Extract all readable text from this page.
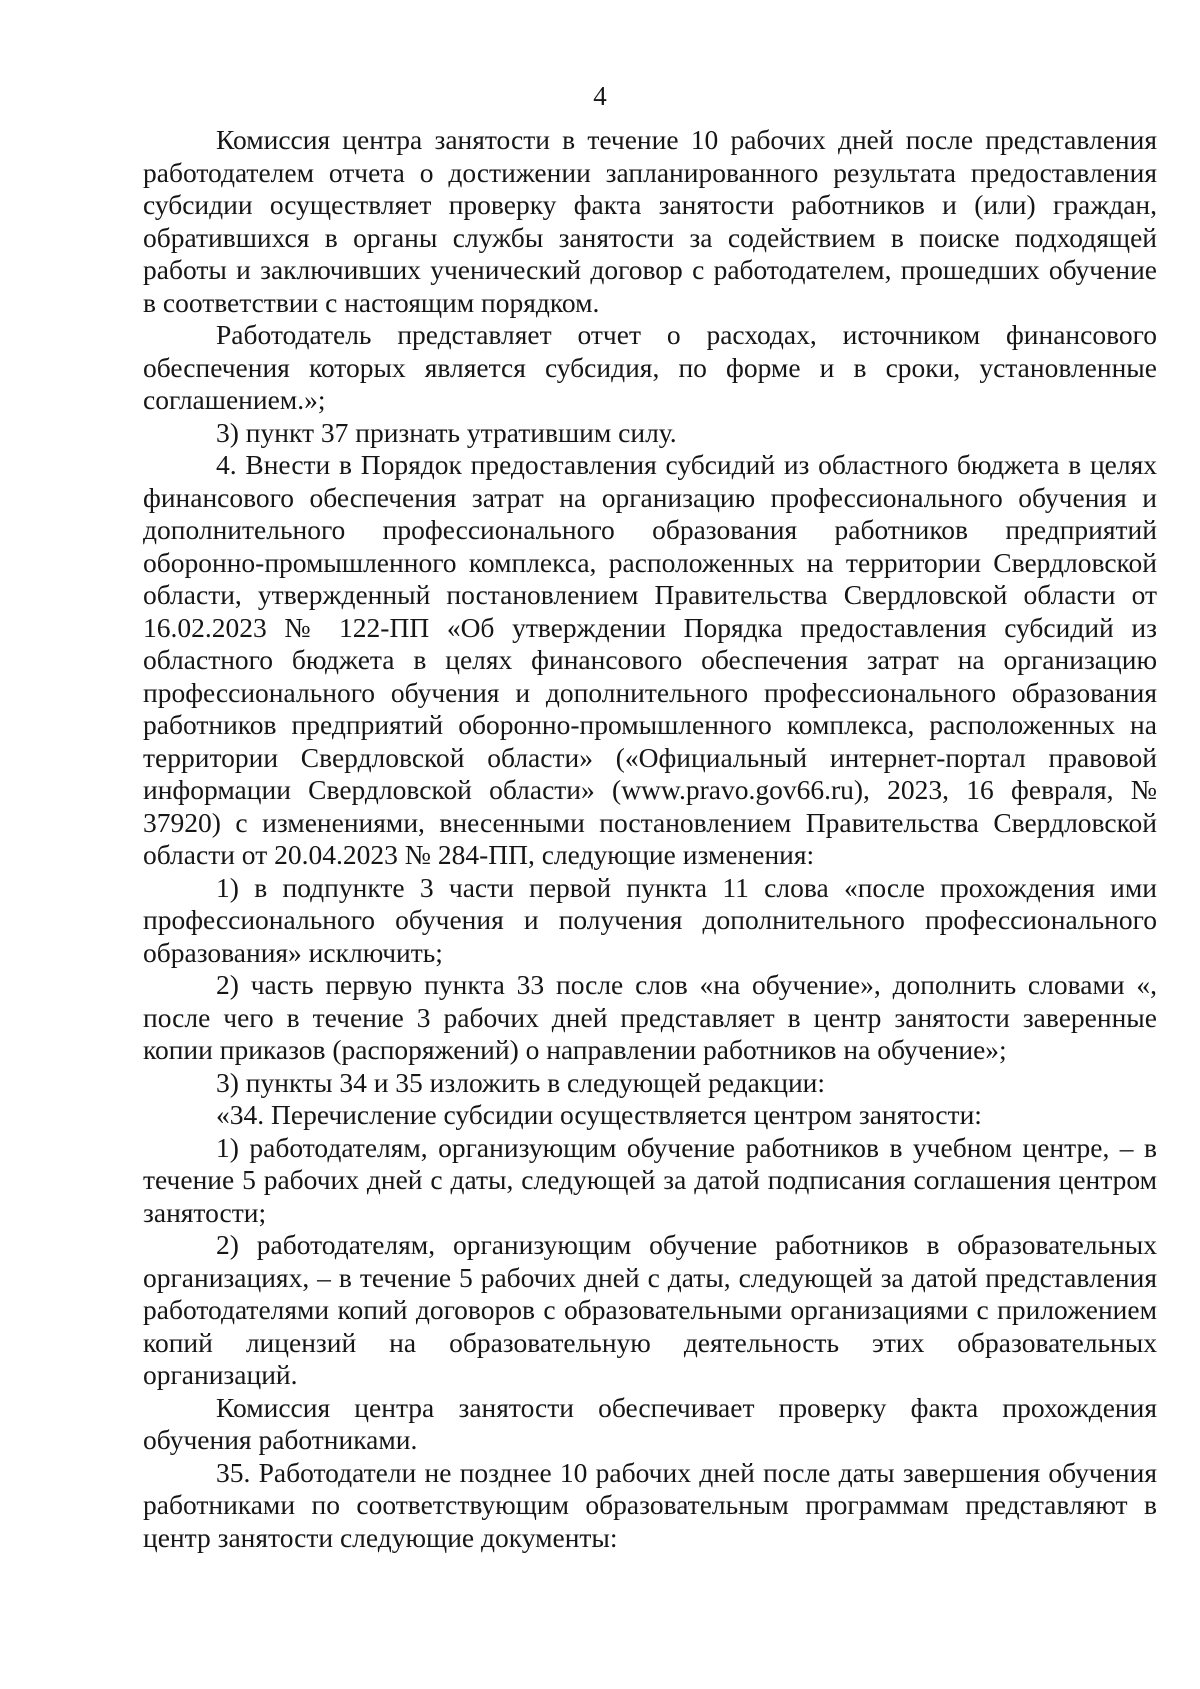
4

Комиссия центра занятости в течение 10 рабочих дней после представления работодателем отчета о достижении запланированного результата предоставления субсидии осуществляет проверку факта занятости работников и (или) граждан, обратившихся в органы службы занятости за содействием в поиске подходящей работы и заключивших ученический договор с работодателем, прошедших обучение в соответствии с настоящим порядком.

Работодатель представляет отчет о расходах, источником финансового обеспечения которых является субсидия, по форме и в сроки, установленные соглашением.»;

3) пункт 37 признать утратившим силу.

4. Внести в Порядок предоставления субсидий из областного бюджета в целях финансового обеспечения затрат на организацию профессионального обучения и дополнительного профессионального образования работников предприятий оборонно-промышленного комплекса, расположенных на территории Свердловской области, утвержденный постановлением Правительства Свердловской области от 16.02.2023 № 122-ПП «Об утверждении Порядка предоставления субсидий из областного бюджета в целях финансового обеспечения затрат на организацию профессионального обучения и дополнительного профессионального образования работников предприятий оборонно-промышленного комплекса, расположенных на территории Свердловской области» («Официальный интернет-портал правовой информации Свердловской области» (www.pravo.gov66.ru), 2023, 16 февраля, № 37920) с изменениями, внесенными постановлением Правительства Свердловской области от 20.04.2023 № 284-ПП, следующие изменения:

1) в подпункте 3 части первой пункта 11 слова «после прохождения ими профессионального обучения и получения дополнительного профессионального образования» исключить;

2) часть первую пункта 33 после слов «на обучение», дополнить словами «, после чего в течение 3 рабочих дней представляет в центр занятости заверенные копии приказов (распоряжений) о направлении работников на обучение»;

3) пункты 34 и 35 изложить в следующей редакции:

«34. Перечисление субсидии осуществляется центром занятости:

1) работодателям, организующим обучение работников в учебном центре, – в течение 5 рабочих дней с даты, следующей за датой подписания соглашения центром занятости;

2) работодателям, организующим обучение работников в образовательных организациях, – в течение 5 рабочих дней с даты, следующей за датой представления работодателями копий договоров с образовательными организациями с приложением копий лицензий на образовательную деятельность этих образовательных организаций.

Комиссия центра занятости обеспечивает проверку факта прохождения обучения работниками.

35. Работодатели не позднее 10 рабочих дней после даты завершения обучения работниками по соответствующим образовательным программам представляют в центр занятости следующие документы:
